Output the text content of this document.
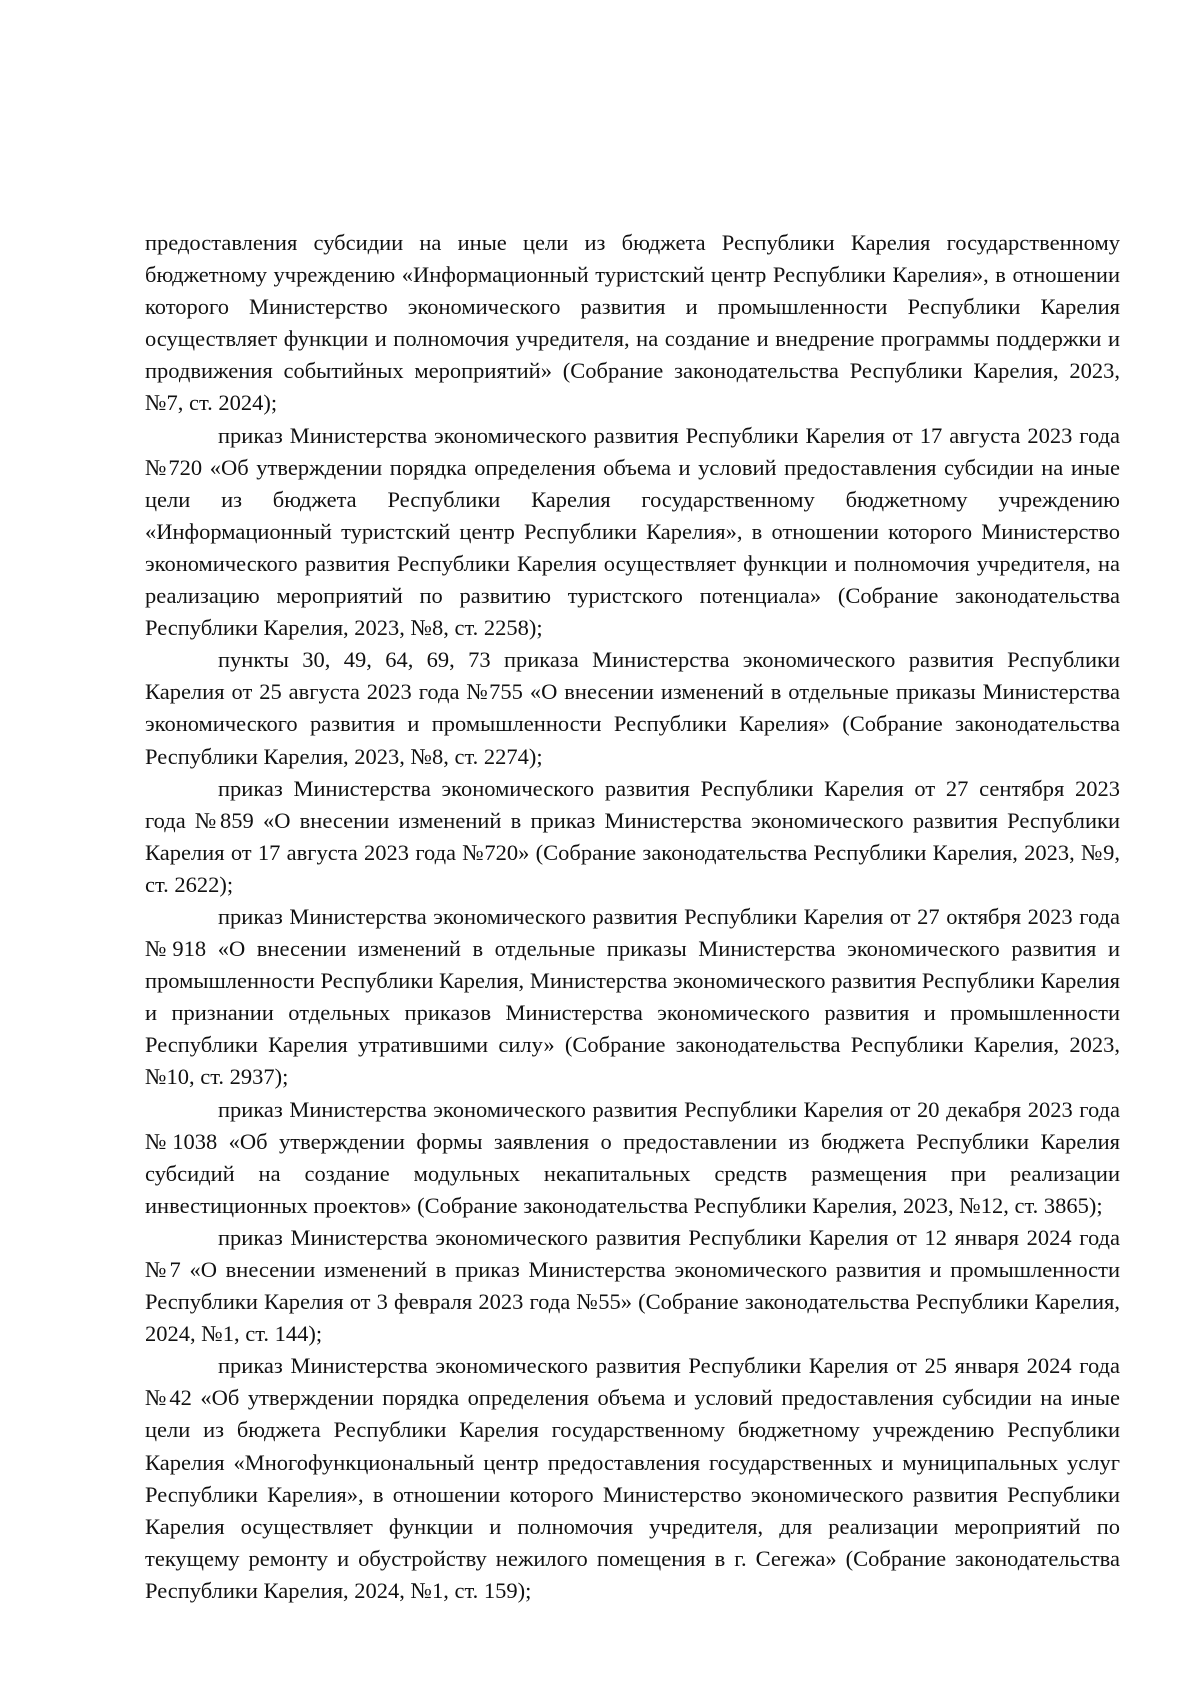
предоставления субсидии на иные цели из бюджета Республики Карелия государственному бюджетному учреждению «Информационный туристский центр Республики Карелия», в отношении которого Министерство экономического развития и промышленности Республики Карелия осуществляет функции и полномочия учредителя, на создание и внедрение программы поддержки и продвижения событийных мероприятий» (Собрание законодательства Республики Карелия, 2023, №7, ст. 2024);

приказ Министерства экономического развития Республики Карелия от 17 августа 2023 года №720 «Об утверждении порядка определения объема и условий предоставления субсидии на иные цели из бюджета Республики Карелия государственному бюджетному учреждению «Информационный туристский центр Республики Карелия», в отношении которого Министерство экономического развития Республики Карелия осуществляет функции и полномочия учредителя, на реализацию мероприятий по развитию туристского потенциала» (Собрание законодательства Республики Карелия, 2023, №8, ст. 2258);

пункты 30, 49, 64, 69, 73 приказа Министерства экономического развития Республики Карелия от 25 августа 2023 года №755 «О внесении изменений в отдельные приказы Министерства экономического развития и промышленности Республики Карелия» (Собрание законодательства Республики Карелия, 2023, №8, ст. 2274);

приказ Министерства экономического развития Республики Карелия от 27 сентября 2023 года №859 «О внесении изменений в приказ Министерства экономического развития Республики Карелия от 17 августа 2023 года №720» (Собрание законодательства Республики Карелия, 2023, №9, ст. 2622);

приказ Министерства экономического развития Республики Карелия от 27 октября 2023 года №918 «О внесении изменений в отдельные приказы Министерства экономического развития и промышленности Республики Карелия, Министерства экономического развития Республики Карелия и признании отдельных приказов Министерства экономического развития и промышленности Республики Карелия утратившими силу» (Собрание законодательства Республики Карелия, 2023, №10, ст. 2937);

приказ Министерства экономического развития Республики Карелия от 20 декабря 2023 года №1038 «Об утверждении формы заявления о предоставлении из бюджета Республики Карелия субсидий на создание модульных некапитальных средств размещения при реализации инвестиционных проектов» (Собрание законодательства Республики Карелия, 2023, №12, ст. 3865);

приказ Министерства экономического развития Республики Карелия от 12 января 2024 года №7 «О внесении изменений в приказ Министерства экономического развития и промышленности Республики Карелия от 3 февраля 2023 года №55» (Собрание законодательства Республики Карелия, 2024, №1, ст. 144);

приказ Министерства экономического развития Республики Карелия от 25 января 2024 года №42 «Об утверждении порядка определения объема и условий предоставления субсидии на иные цели из бюджета Республики Карелия государственному бюджетному учреждению Республики Карелия «Многофункциональный центр предоставления государственных и муниципальных услуг Республики Карелия», в отношении которого Министерство экономического развития Республики Карелия осуществляет функции и полномочия учредителя, для реализации мероприятий по текущему ремонту и обустройству нежилого помещения в г. Сегежа» (Собрание законодательства Республики Карелия, 2024, №1, ст. 159);
